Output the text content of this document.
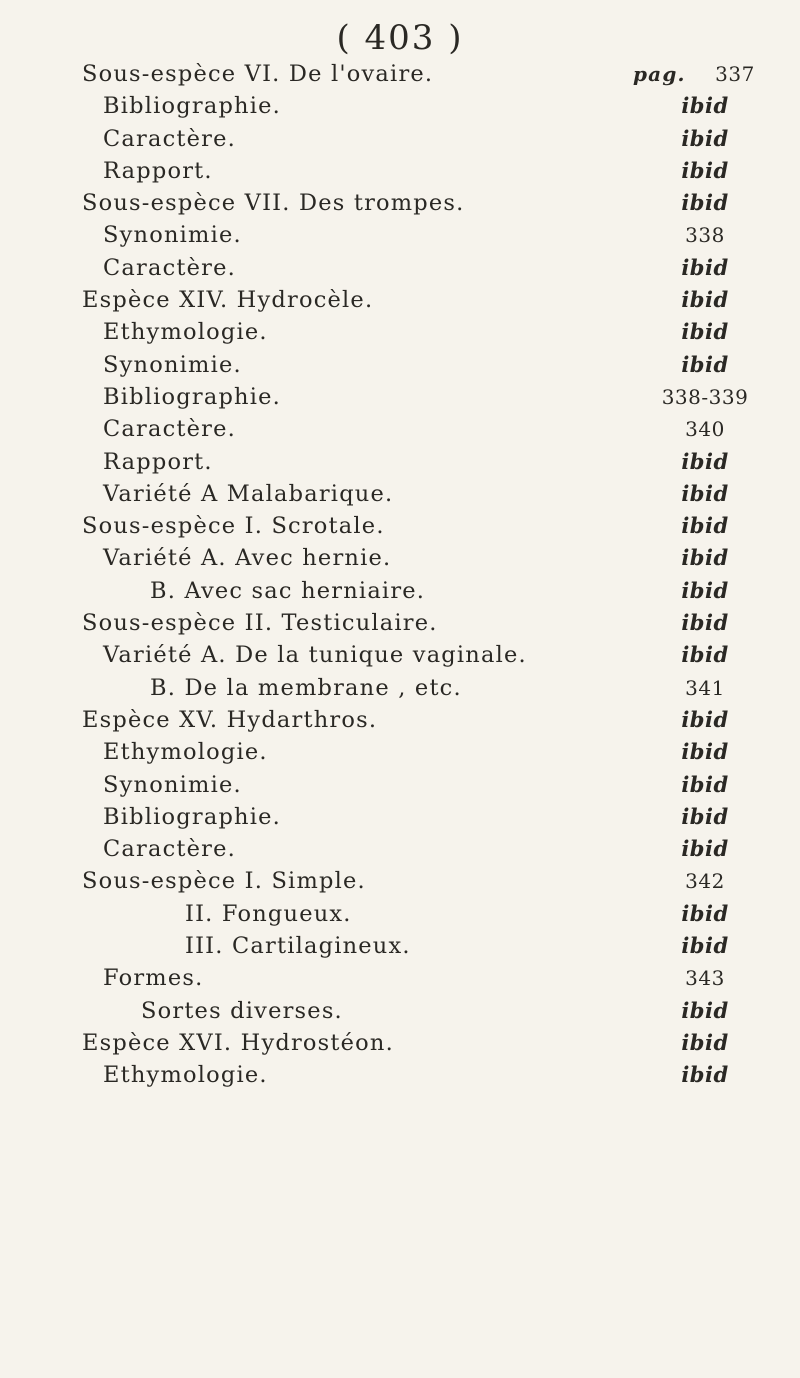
( 403 )
Sous-espèce VI. De l'ovaire.	pag.	337
Bibliographie.	ibid
Caractère.	ibid
Rapport.	ibid
Sous-espèce VII. Des trompes.	ibid
Synonimie.	338
Caractère.	ibid
Espèce XIV. Hydrocèle.	ibid
Ethymologie.	ibid
Synonimie.	ibid
Bibliographie.	338-339
Caractère.	340
Rapport.	ibid
Variété A Malabarique.	ibid
Sous-espèce I. Scrotale.	ibid
Variété A. Avec hernie.	ibid
B. Avec sac herniaire.	ibid
Sous-espèce II. Testiculaire.	ibid
Variété A. De la tunique vaginale.	ibid
B. De la membrane , etc.	341
Espèce XV. Hydarthros.	ibid
Ethymologie.	ibid
Synonimie.	ibid
Bibliographie.	ibid
Caractère.	ibid
Sous-espèce I. Simple.	342
II. Fongueux.	ibid
III. Cartilagineux.	ibid
Formes.	343
Sortes diverses.	ibid
Espèce XVI. Hydrostéon.	ibid
Ethymologie.	ibid
